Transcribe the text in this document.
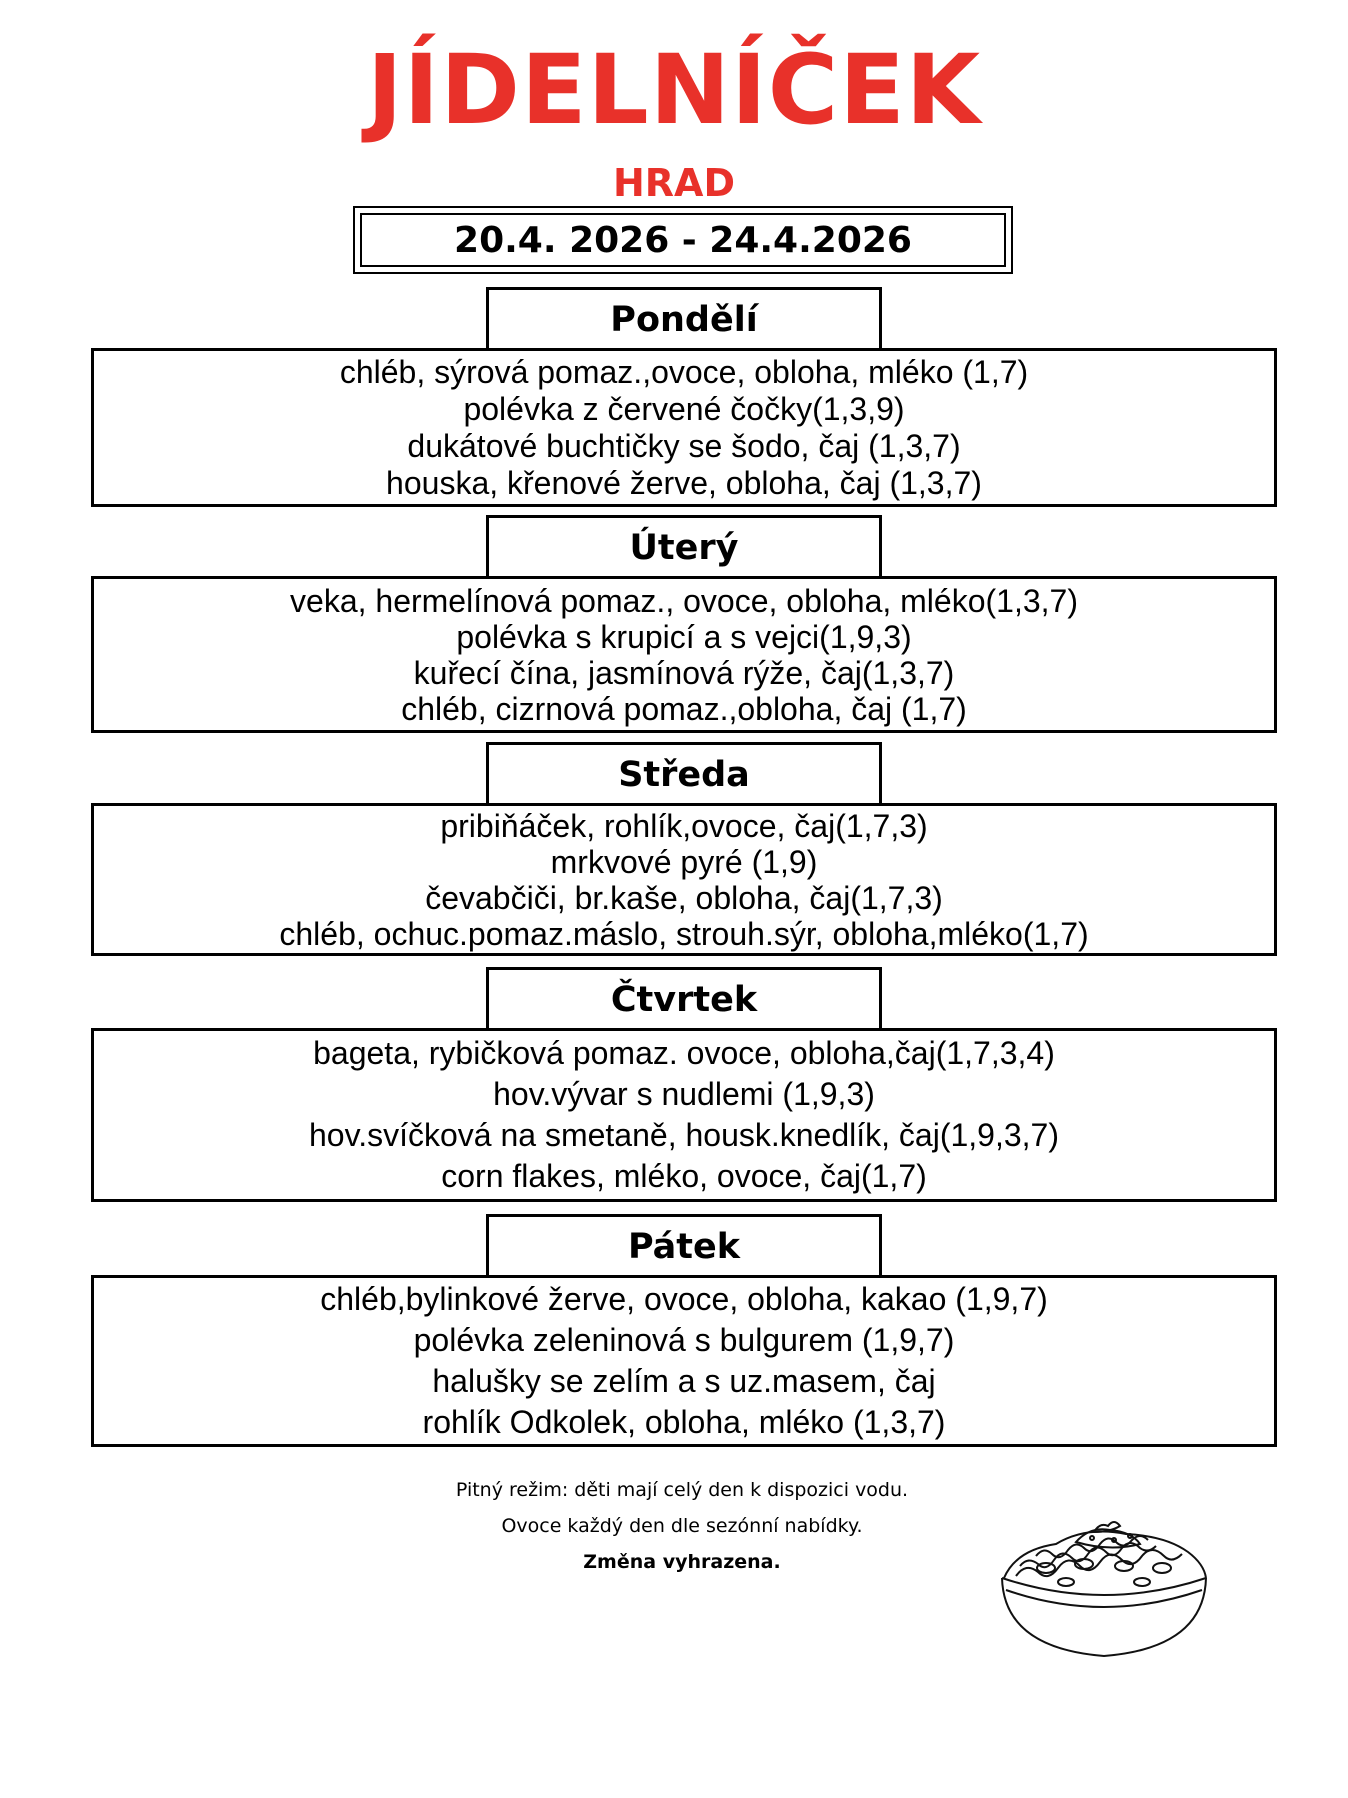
JÍDELNÍČEK
HRAD
20.4. 2026 - 24.4.2026
Pondělí
chléb, sýrová pomaz.,ovoce, obloha, mléko (1,7)
polévka z červené čočky(1,3,9)
dukátové buchtičky se šodo, čaj (1,3,7)
houska, křenové žerve, obloha, čaj (1,3,7)
Úterý
veka, hermelínová pomaz., ovoce, obloha, mléko(1,3,7)
polévka s krupicí a s vejci(1,9,3)
kuřecí čína, jasmínová rýže, čaj(1,3,7)
chléb, cizrnová pomaz.,obloha, čaj (1,7)
Středa
pribiňáček, rohlík,ovoce, čaj(1,7,3)
mrkvové pyré (1,9)
čevabčiči, br.kaše, obloha, čaj(1,7,3)
chléb, ochuc.pomaz.máslo, strouh.sýr, obloha,mléko(1,7)
Čtvrtek
bageta, rybičková pomaz. ovoce, obloha,čaj(1,7,3,4)
hov.vývar s nudlemi (1,9,3)
hov.svíčková na smetaně, housk.knedlík, čaj(1,9,3,7)
corn flakes, mléko, ovoce, čaj(1,7)
Pátek
chléb,bylinkové žerve, ovoce, obloha, kakao (1,9,7)
polévka zeleninová s bulgurem (1,9,7)
halušky se zelím a s uz.masem, čaj
rohlík Odkolek, obloha, mléko (1,3,7)
Pitný režim: děti mají celý den k dispozici vodu.
Ovoce každý den dle sezónní nabídky.
Změna vyhrazena.
